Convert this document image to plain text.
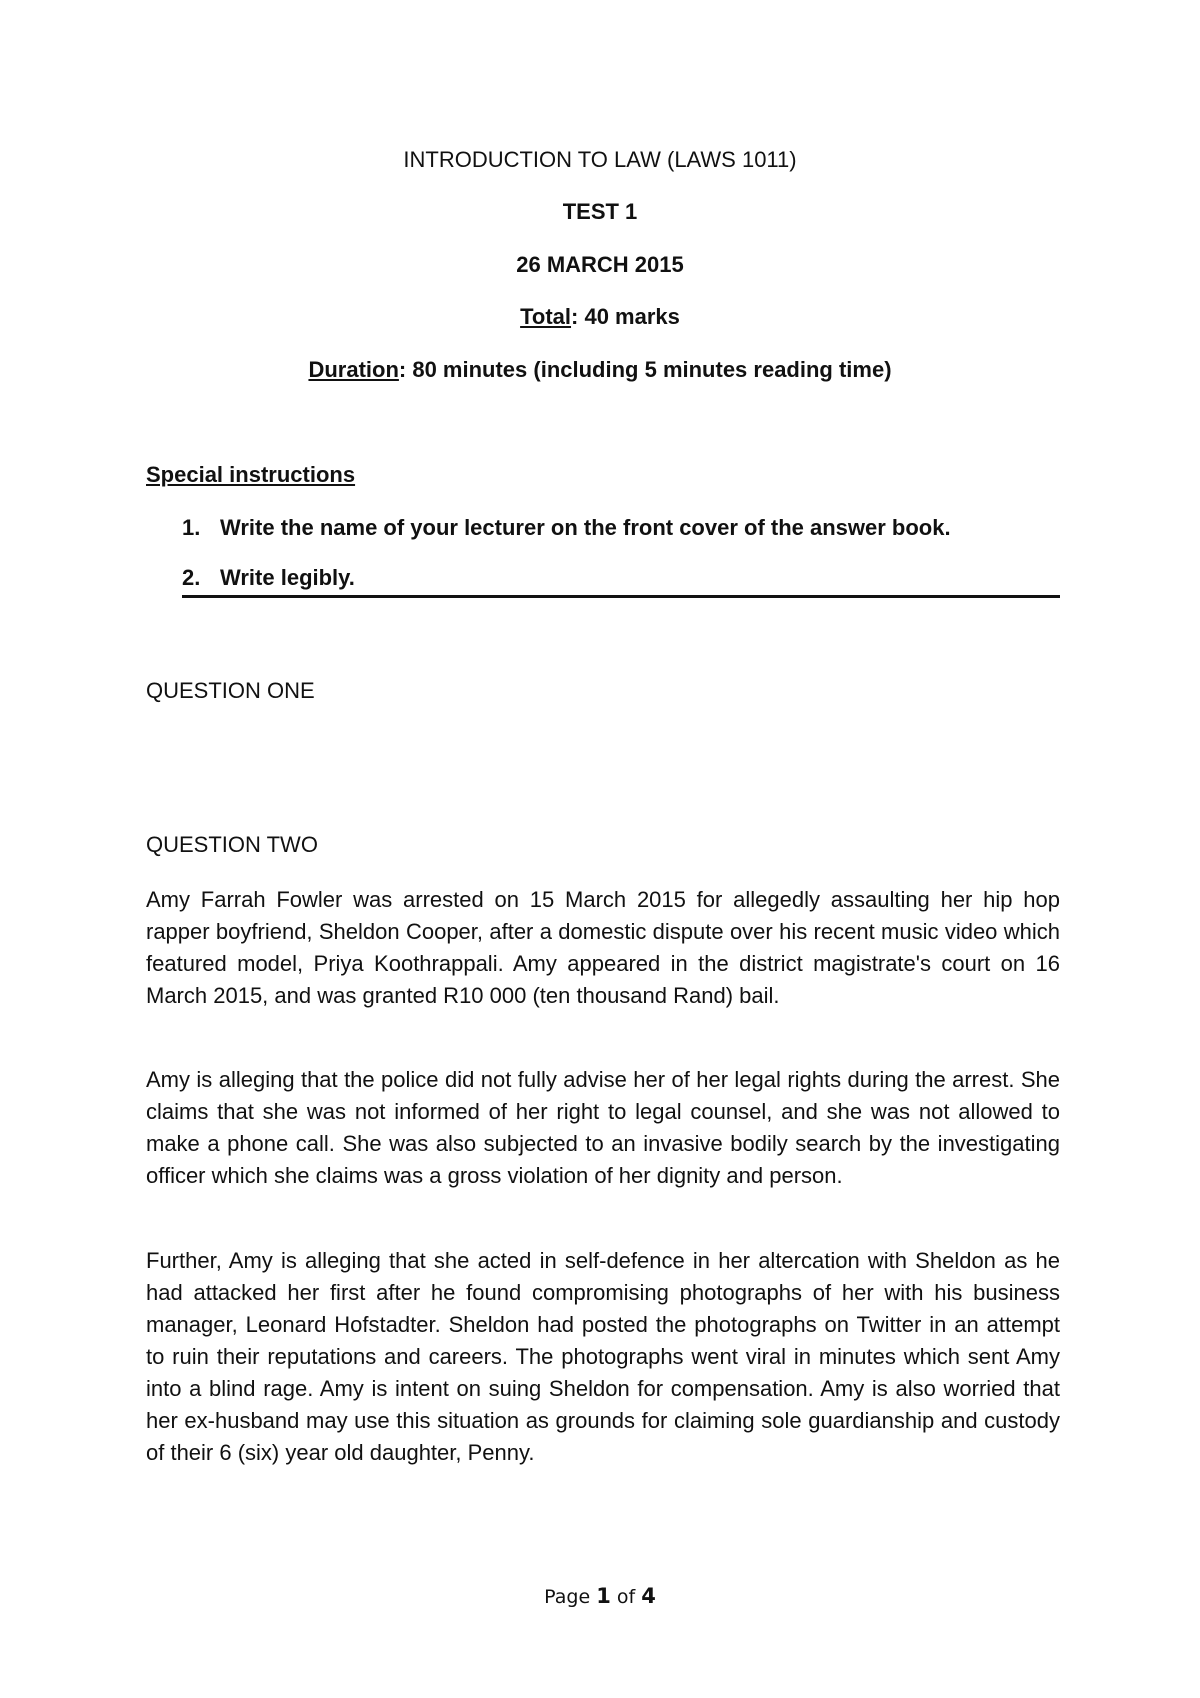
INTRODUCTION TO LAW (LAWS 1011)
TEST 1
26 MARCH 2015
Total: 40 marks
Duration: 80 minutes (including 5 minutes reading time)
Special instructions
1. Write the name of your lecturer on the front cover of the answer book.
2. Write legibly.
QUESTION ONE
QUESTION TWO

Amy Farrah Fowler was arrested on 15 March 2015 for allegedly assaulting her hip hop rapper boyfriend, Sheldon Cooper, after a domestic dispute over his recent music video which featured model, Priya Koothrappali. Amy appeared in the district magistrate's court on 16 March 2015, and was granted R10 000 (ten thousand Rand) bail.

Amy is alleging that the police did not fully advise her of her legal rights during the arrest. She claims that she was not informed of her right to legal counsel, and she was not allowed to make a phone call. She was also subjected to an invasive bodily search by the investigating officer which she claims was a gross violation of her dignity and person.

Further, Amy is alleging that she acted in self-defence in her altercation with Sheldon as he had attacked her first after he found compromising photographs of her with his business manager, Leonard Hofstadter. Sheldon had posted the photographs on Twitter in an attempt to ruin their reputations and careers. The photographs went viral in minutes which sent Amy into a blind rage. Amy is intent on suing Sheldon for compensation. Amy is also worried that her ex-husband may use this situation as grounds for claiming sole guardianship and custody of their 6 (six) year old daughter, Penny.

Page 1 of 4
